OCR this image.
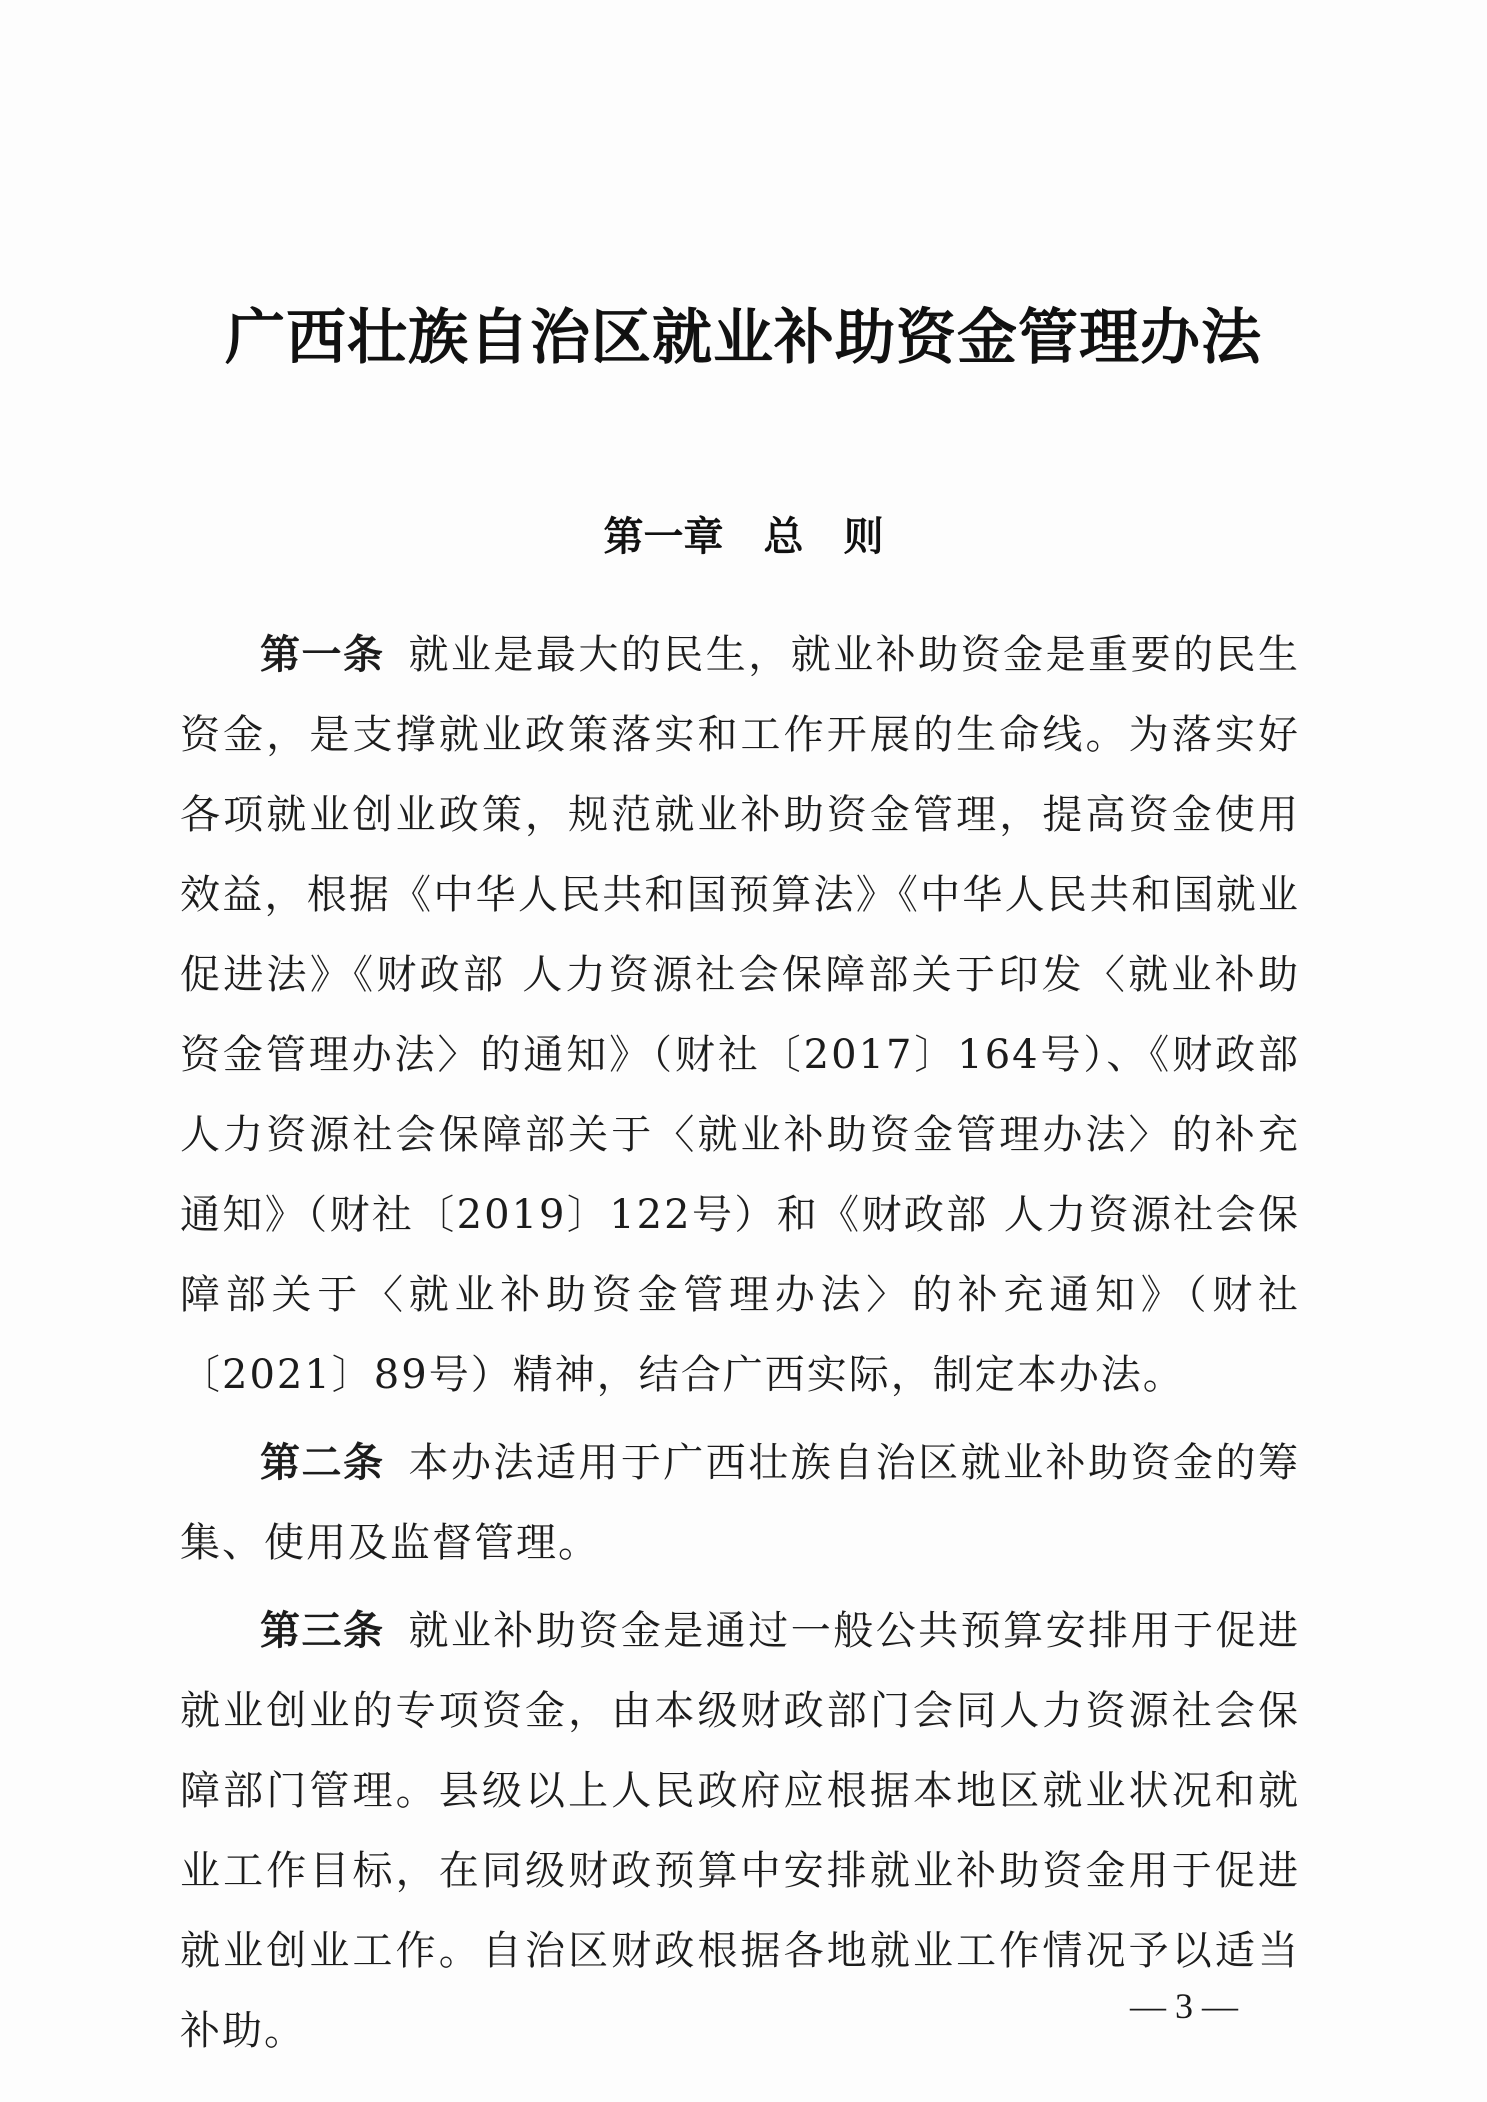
广西壮族自治区就业补助资金管理办法
第一章　总　则

第一条 就业是最大的民生，就业补助资金是重要的民生资金，是支撑就业政策落实和工作开展的生命线。为落实好各项就业创业政策，规范就业补助资金管理，提高资金使用效益，根据《中华人民共和国预算法》《中华人民共和国就业促进法》《财政部 人力资源社会保障部关于印发〈就业补助资金管理办法〉的通知》（财社〔2017〕164号）、《财政部 人力资源社会保障部关于〈就业补助资金管理办法〉的补充通知》（财社〔2019〕122号）和《财政部 人力资源社会保障部关于〈就业补助资金管理办法〉的补充通知》（财社〔2021〕89号）精神，结合广西实际，制定本办法。

第二条 本办法适用于广西壮族自治区就业补助资金的筹集、使用及监督管理。

第三条 就业补助资金是通过一般公共预算安排用于促进就业创业的专项资金，由本级财政部门会同人力资源社会保障部门管理。县级以上人民政府应根据本地区就业状况和就业工作目标，在同级财政预算中安排就业补助资金用于促进就业创业工作。自治区财政根据各地就业工作情况予以适当补助。

— 3 —
